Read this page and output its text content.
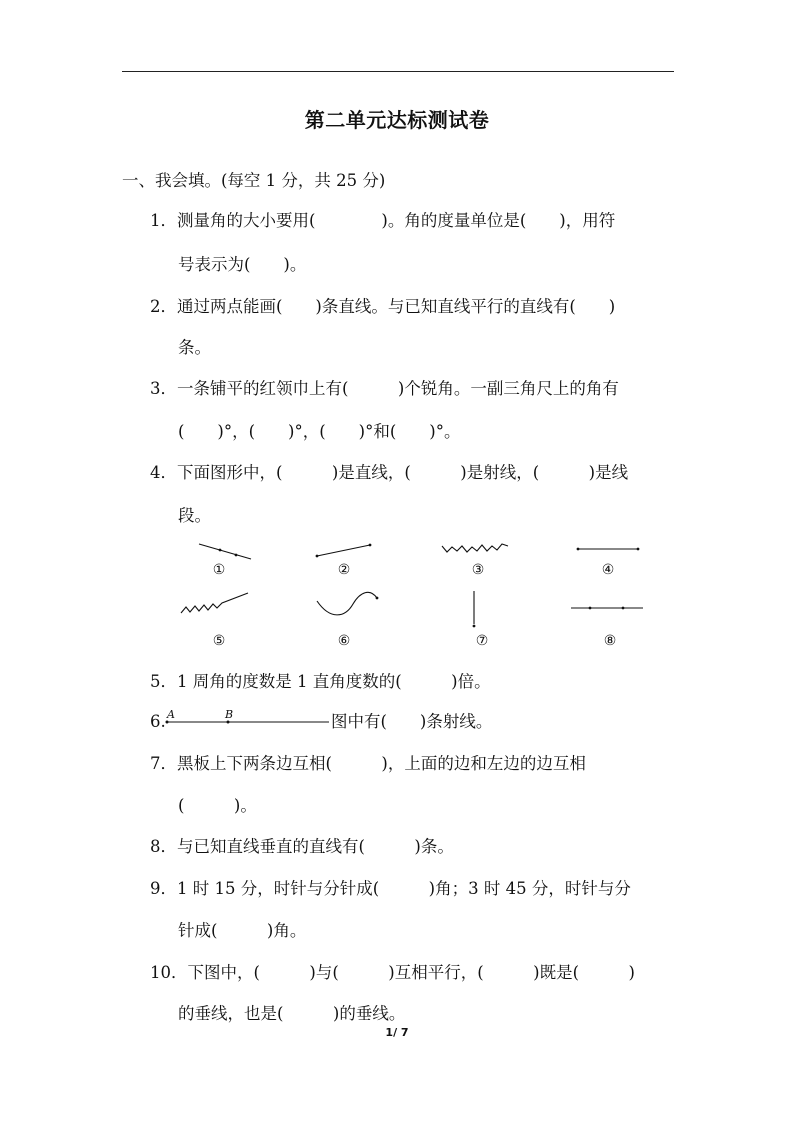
第二单元达标测试卷
一、我会填。(每空 1 分，共 25 分)
1．测量角的大小要用(　　　　)。角的度量单位是(　　)，用符
号表示为(　　)。
2．通过两点能画(　　)条直线。与已知直线平行的直线有(　　)
条。
3．一条铺平的红领巾上有(　　　)个锐角。一副三角尺上的角有
(　　)°，(　　)°，(　　)°和(　　)°。
4．下面图形中，(　　　)是直线，(　　　)是射线，(　　　)是线
段。
①	②	③	④
⑤	⑥	⑦	⑧
A	B
5．1 周角的度数是 1 直角度数的(　　　)倍。
6.	图中有(　　)条射线。
7．黑板上下两条边互相(　　　)，上面的边和左边的边互相
(　　　)。
8．与已知直线垂直的直线有(　　　)条。
9．1 时 15 分，时针与分针成(　　　)角；3 时 45 分，时针与分
针成(　　　)角。
10．下图中，(　　　)与(　　　)互相平行，(　　　)既是(　　　)
的垂线，也是(　　　)的垂线。
1/ 7
